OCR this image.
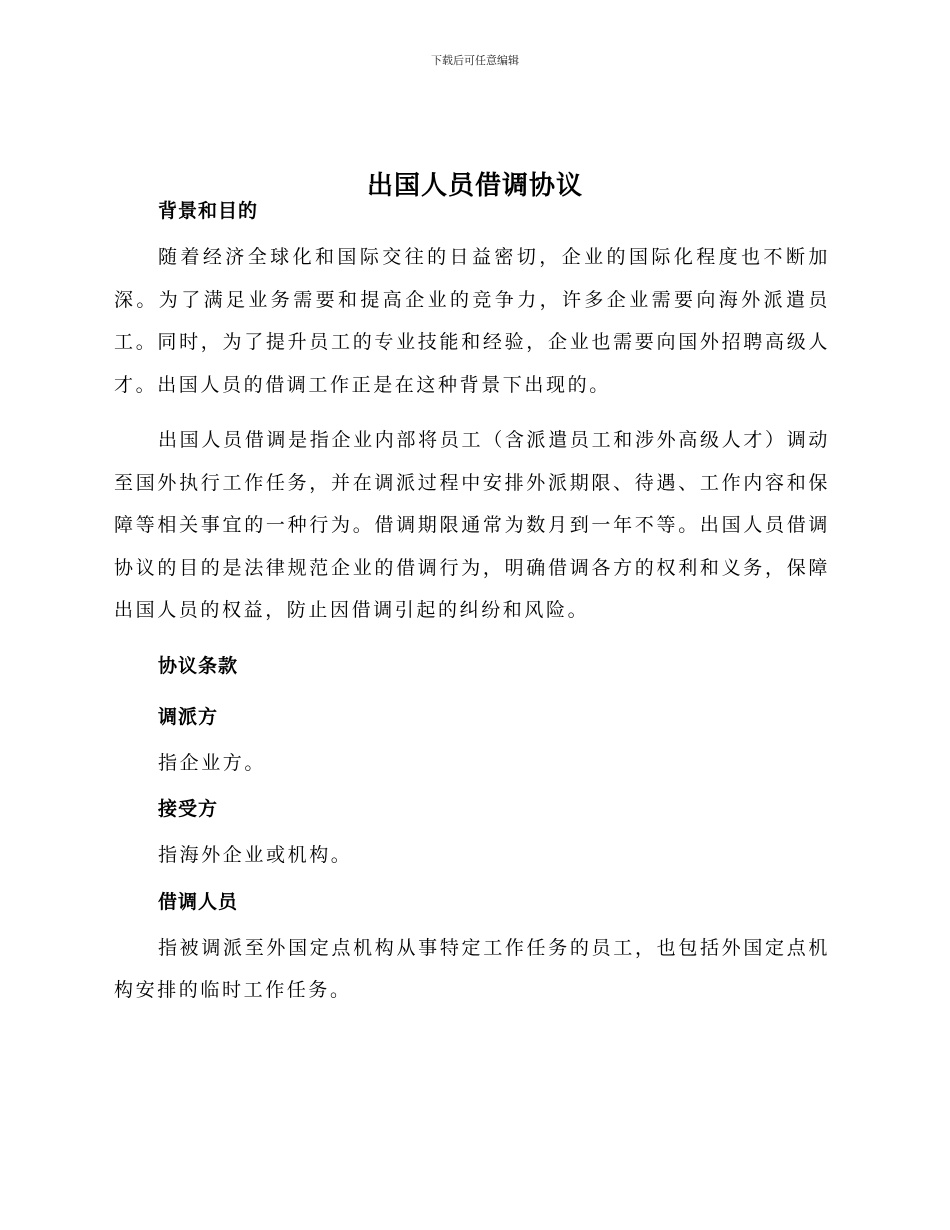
下载后可任意编辑
出国人员借调协议
背景和目的

随着经济全球化和国际交往的日益密切，企业的国际化程度也不断加深。为了满足业务需要和提高企业的竞争力，许多企业需要向海外派遣员工。同时，为了提升员工的专业技能和经验，企业也需要向国外招聘高级人才。出国人员的借调工作正是在这种背景下出现的。

出国人员借调是指企业内部将员工（含派遣员工和涉外高级人才）调动至国外执行工作任务，并在调派过程中安排外派期限、待遇、工作内容和保障等相关事宜的一种行为。借调期限通常为数月到一年不等。出国人员借调协议的目的是法律规范企业的借调行为，明确借调各方的权利和义务，保障出国人员的权益，防止因借调引起的纠纷和风险。

协议条款
调派方

指企业方。

接受方

指海外企业或机构。

借调人员

指被调派至外国定点机构从事特定工作任务的员工，也包括外国定点机构安排的临时工作任务。
